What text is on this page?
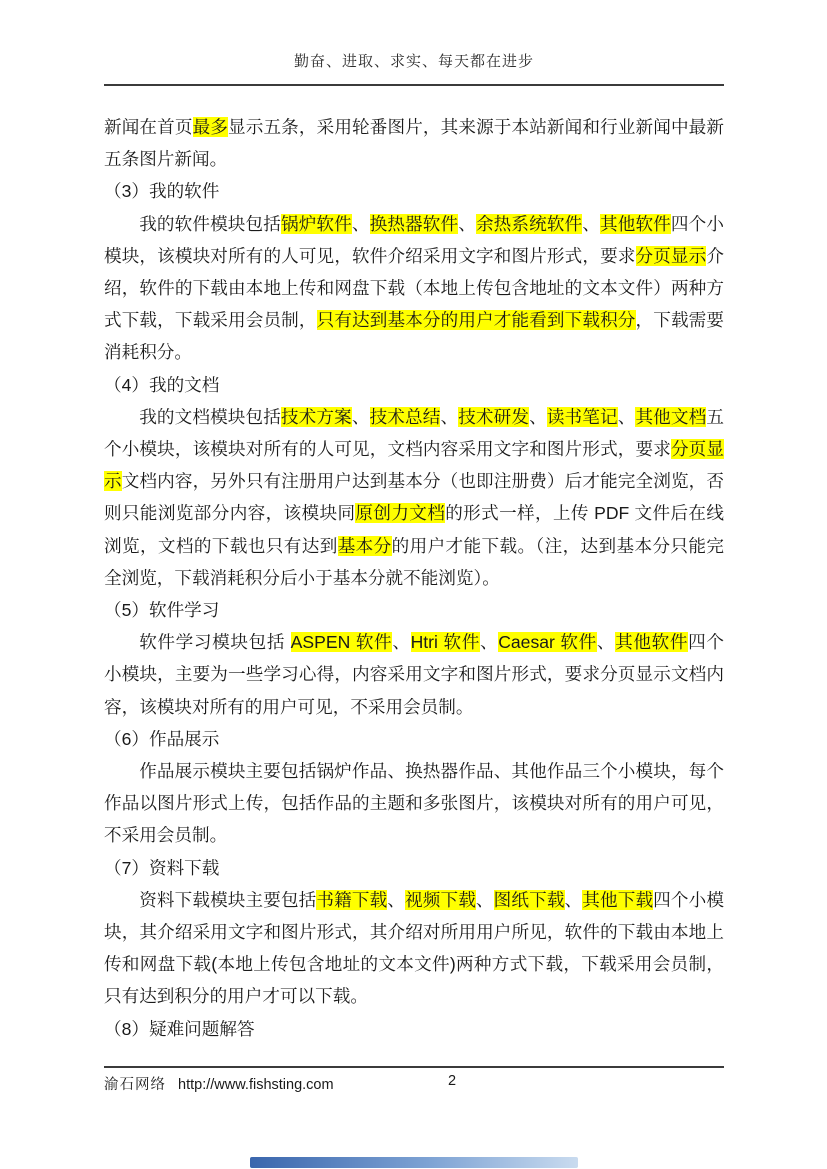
勤奋、进取、求实、每天都在进步

新闻在首页最多显示五条，采用轮番图片，其来源于本站新闻和行业新闻中最新五条图片新闻。

（3）我的软件

我的软件模块包括锅炉软件、换热器软件、余热系统软件、其他软件四个小模块，该模块对所有的人可见，软件介绍采用文字和图片形式，要求分页显示介绍，软件的下载由本地上传和网盘下载（本地上传包含地址的文本文件）两种方式下载，下载采用会员制，只有达到基本分的用户才能看到下载积分，下载需要消耗积分。

（4）我的文档

我的文档模块包括技术方案、技术总结、技术研发、读书笔记、其他文档五个小模块，该模块对所有的人可见，文档内容采用文字和图片形式，要求分页显示文档内容，另外只有注册用户达到基本分（也即注册费）后才能完全浏览，否则只能浏览部分内容，该模块同原创力文档的形式一样，上传 PDF 文件后在线浏览，文档的下载也只有达到基本分的用户才能下载。（注，达到基本分只能完全浏览，下载消耗积分后小于基本分就不能浏览）。

（5）软件学习

软件学习模块包括 ASPEN 软件、Htri 软件、Caesar 软件、其他软件四个小模块，主要为一些学习心得，内容采用文字和图片形式，要求分页显示文档内容，该模块对所有的用户可见，不采用会员制。

（6）作品展示

作品展示模块主要包括锅炉作品、换热器作品、其他作品三个小模块，每个作品以图片形式上传，包括作品的主题和多张图片，该模块对所有的用户可见，不采用会员制。

（7）资料下载

资料下载模块主要包括书籍下载、视频下载、图纸下载、其他下载四个小模块，其介绍采用文字和图片形式，其介绍对所用用户所见，软件的下载由本地上传和网盘下载(本地上传包含地址的文本文件)两种方式下载，下载采用会员制，只有达到积分的用户才可以下载。

（8）疑难问题解答

渝石网络 http://www.fishsting.com	2
